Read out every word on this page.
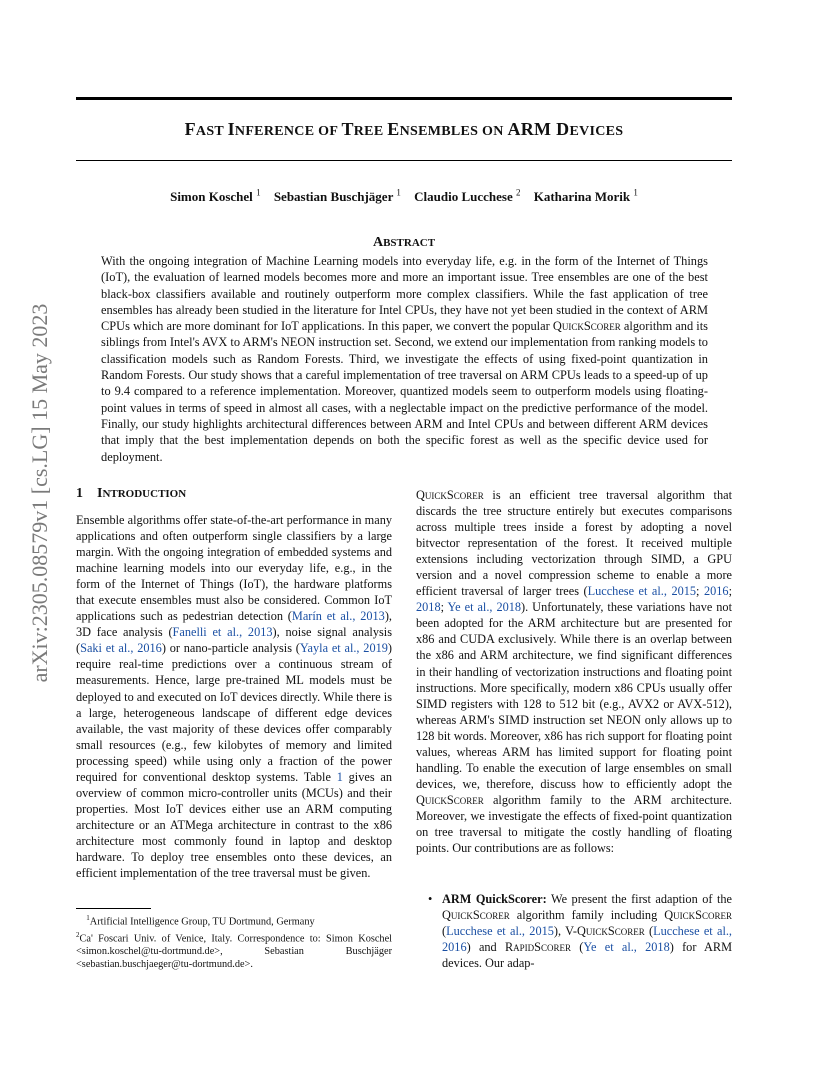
arXiv:2305.08579v1 [cs.LG] 15 May 2023
FAST INFERENCE OF TREE ENSEMBLES ON ARM DEVICES
Simon Koschel $^1$ Sebastian Buschjäger $^1$ Claudio Lucchese $^2$ Katharina Morik $^1$
ABSTRACT
With the ongoing integration of Machine Learning models into everyday life, e.g. in the form of the Internet of Things (IoT), the evaluation of learned models becomes more and more an important issue. Tree ensembles are one of the best black-box classifiers available and routinely outperform more complex classifiers. While the fast application of tree ensembles has already been studied in the literature for Intel CPUs, they have not yet been studied in the context of ARM CPUs which are more dominant for IoT applications. In this paper, we convert the popular QuickScorer algorithm and its siblings from Intel's AVX to ARM's NEON instruction set. Second, we extend our implementation from ranking models to classification models such as Random Forests. Third, we investigate the effects of using fixed-point quantization in Random Forests. Our study shows that a careful implementation of tree traversal on ARM CPUs leads to a speed-up of up to 9.4 compared to a reference implementation. Moreover, quantized models seem to outperform models using floating-point values in terms of speed in almost all cases, with a neglectable impact on the predictive performance of the model. Finally, our study highlights architectural differences between ARM and Intel CPUs and between different ARM devices that imply that the best implementation depends on both the specific forest as well as the specific device used for deployment.
1 INTRODUCTION
Ensemble algorithms offer state-of-the-art performance in many applications and often outperform single classifiers by a large margin. With the ongoing integration of embedded systems and machine learning models into our everyday life, e.g., in the form of the Internet of Things (IoT), the hardware platforms that execute ensembles must also be considered. Common IoT applications such as pedestrian detection (Marín et al., 2013), 3D face analysis (Fanelli et al., 2013), noise signal analysis (Saki et al., 2016) or nano-particle analysis (Yayla et al., 2019) require real-time predictions over a continuous stream of measurements. Hence, large pre-trained ML models must be deployed to and executed on IoT devices directly. While there is a large, heterogeneous landscape of different edge devices available, the vast majority of these devices offer comparably small resources (e.g., few kilobytes of memory and limited processing speed) while using only a fraction of the power required for conventional desktop systems. Table 1 gives an overview of common micro-controller units (MCUs) and their properties. Most IoT devices either use an ARM computing architecture or an ATMega architecture in contrast to the x86 architecture most commonly found in laptop and desktop hardware. To deploy tree ensembles onto these devices, an efficient implementation of the tree traversal must be given.
$^1$Artificial Intelligence Group, TU Dortmund, Germany
$^2$Ca' Foscari Univ. of Venice, Italy. Correspondence to: Simon Koschel <simon.koschel@tu-dortmund.de>, Sebastian Buschjäger <sebastian.buschjaeger@tu-dortmund.de>.
QuickScorer is an efficient tree traversal algorithm that discards the tree structure entirely but executes comparisons across multiple trees inside a forest by adopting a novel bitvector representation of the forest. It received multiple extensions including vectorization through SIMD, a GPU version and a novel compression scheme to enable a more efficient traversal of larger trees (Lucchese et al., 2015; 2016; 2018; Ye et al., 2018). Unfortunately, these variations have not been adopted for the ARM architecture but are presented for x86 and CUDA exclusively. While there is an overlap between the x86 and ARM architecture, we find significant differences in their handling of vectorization instructions and floating point instructions. More specifically, modern x86 CPUs usually offer SIMD registers with 128 to 512 bit (e.g., AVX2 or AVX-512), whereas ARM's SIMD instruction set NEON only allows up to 128 bit words. Moreover, x86 has rich support for floating point values, whereas ARM has limited support for floating point handling. To enable the execution of large ensembles on small devices, we, therefore, discuss how to efficiently adopt the QuickScorer algorithm family to the ARM architecture. Moreover, we investigate the effects of fixed-point quantization on tree traversal to mitigate the costly handling of floating points. Our contributions are as follows:
• ARM QuickScorer: We present the first adaption of the QuickScorer algorithm family including QuickScorer (Lucchese et al., 2015), V-QuickScorer (Lucchese et al., 2016) and RapidScorer (Ye et al., 2018) for ARM devices. Our adap-
